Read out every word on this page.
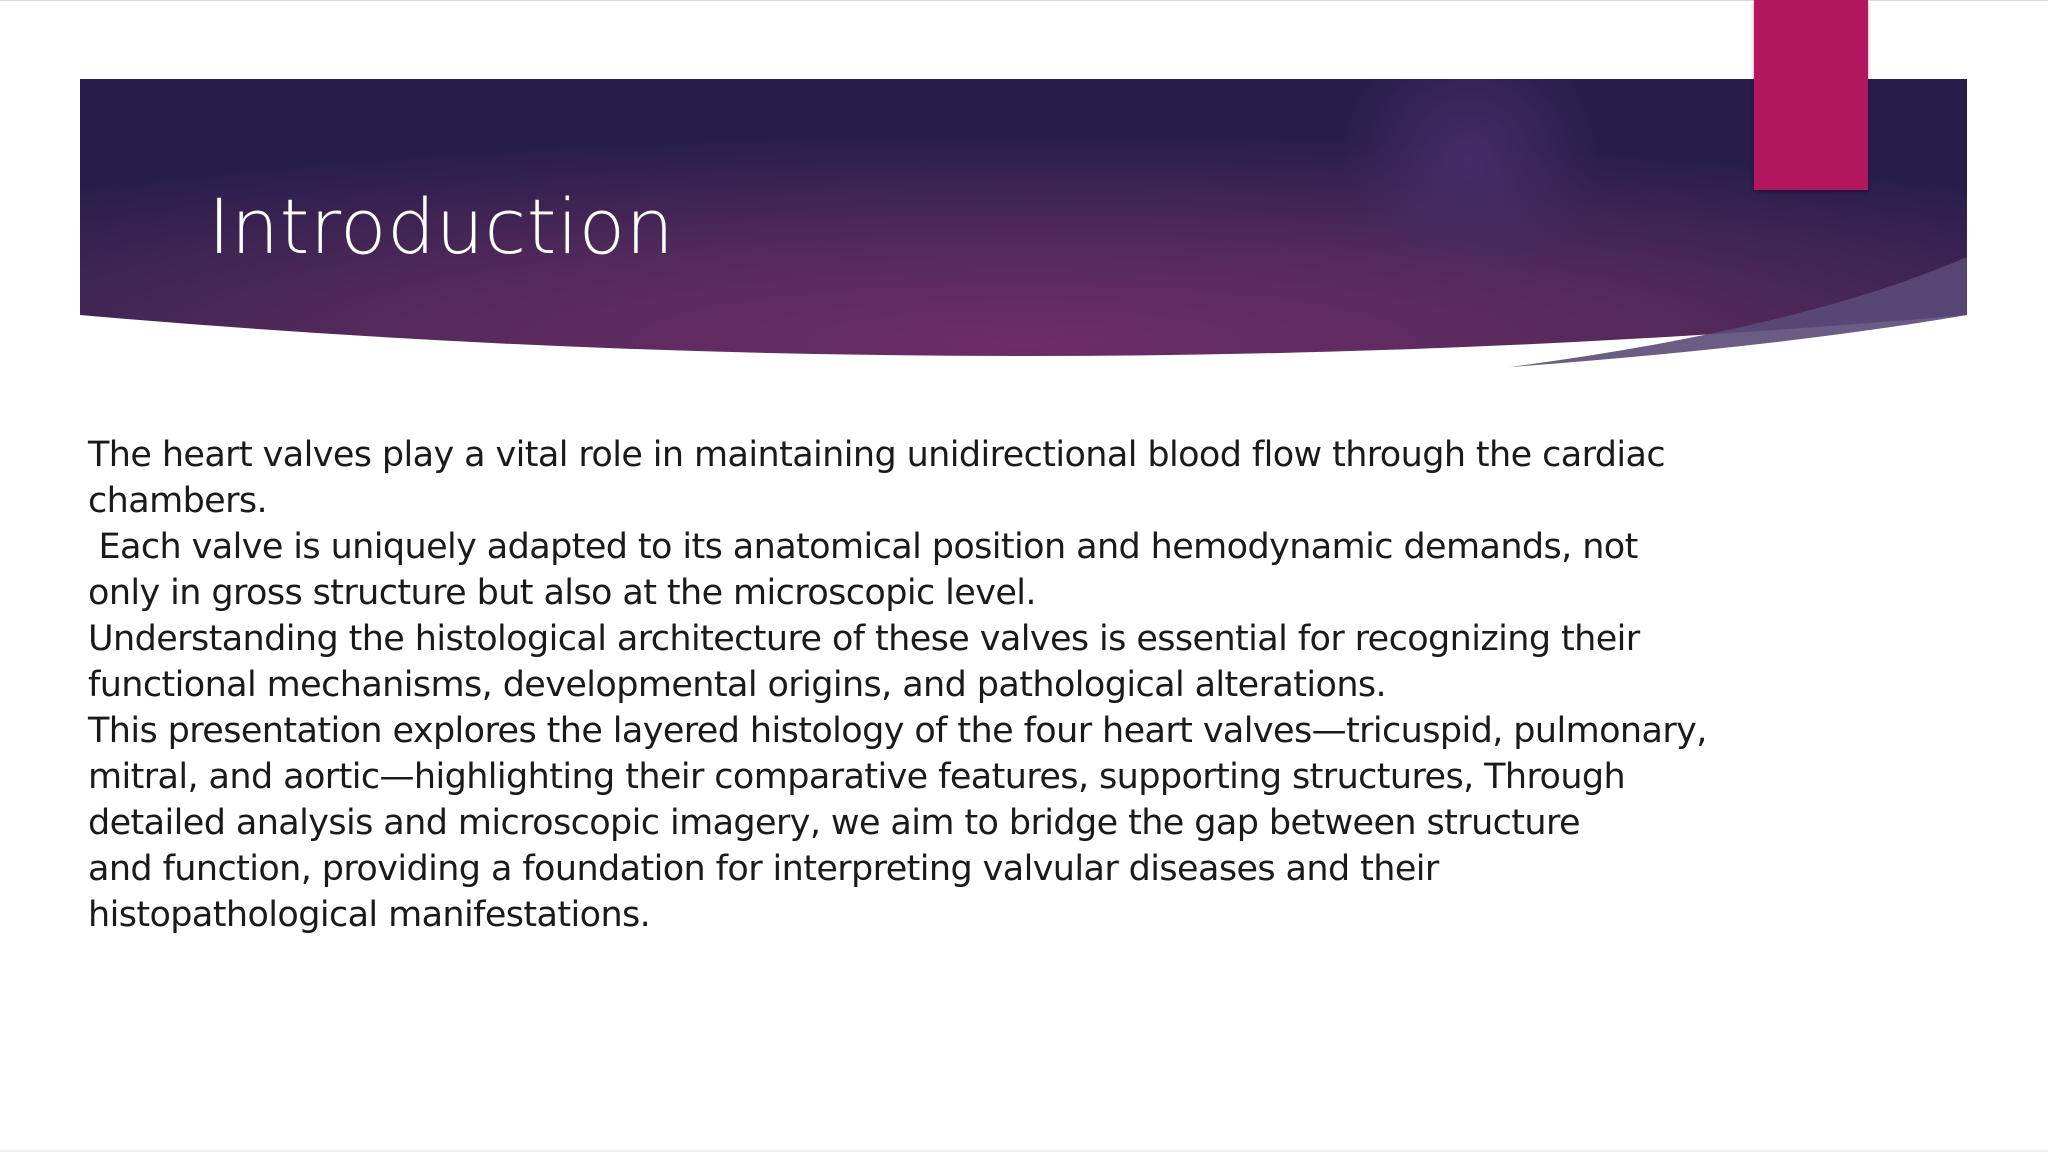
Introduction
The heart valves play a vital role in maintaining unidirectional blood flow through the cardiac
chambers.
Each valve is uniquely adapted to its anatomical position and hemodynamic demands, not
only in gross structure but also at the microscopic level.
Understanding the histological architecture of these valves is essential for recognizing their
functional mechanisms, developmental origins, and pathological alterations.
This presentation explores the layered histology of the four heart valves—tricuspid, pulmonary,
mitral, and aortic—highlighting their comparative features, supporting structures, Through
detailed analysis and microscopic imagery, we aim to bridge the gap between structure
and function, providing a foundation for interpreting valvular diseases and their
histopathological manifestations.
